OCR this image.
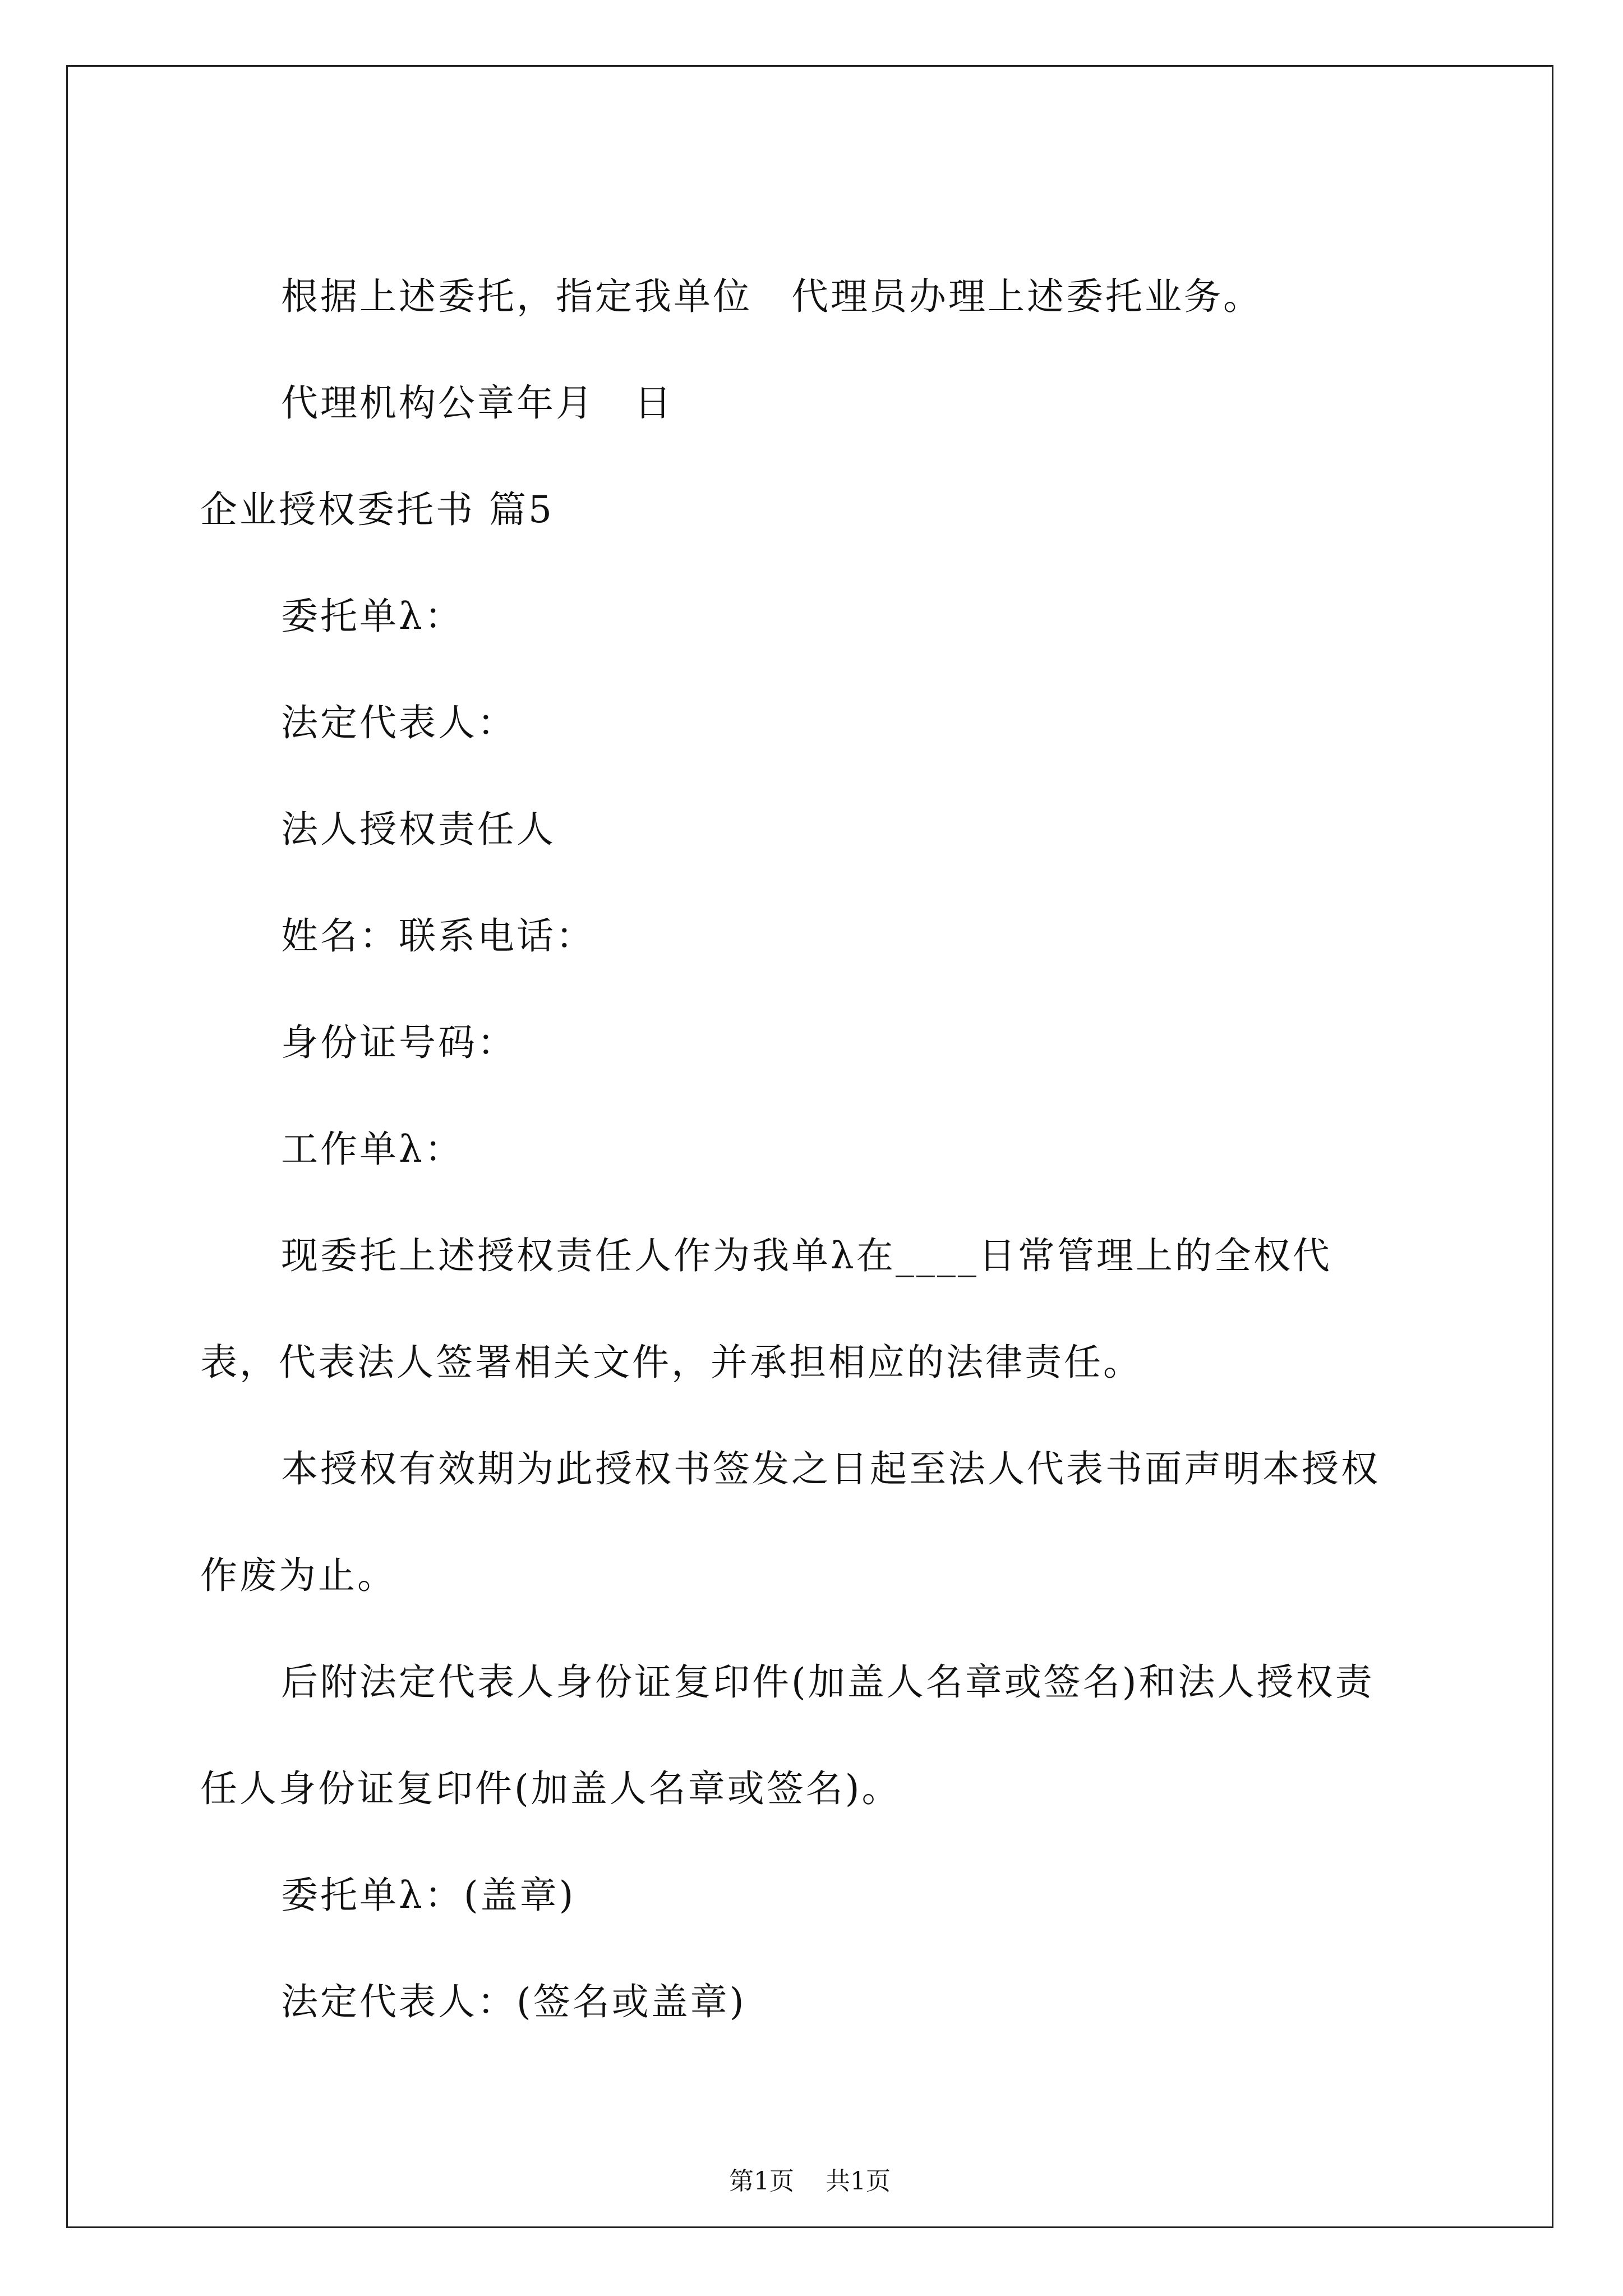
根据上述委托，指定我单位　代理员办理上述委托业务。
代理机构公章年月　日
企业授权委托书 篇5
委托单λ：
法定代表人：
法人授权责任人
姓名：联系电话：
身份证号码：
工作单λ：
现委托上述授权责任人作为我单λ在____日常管理上的全权代
表，代表法人签署相关文件，并承担相应的法律责任。
本授权有效期为此授权书签发之日起至法人代表书面声明本授权
作废为止。
后附法定代表人身份证复印件(加盖人名章或签名)和法人授权责
任人身份证复印件(加盖人名章或签名)。
委托单λ：(盖章)
法定代表人：(签名或盖章)
第1页 共1页
